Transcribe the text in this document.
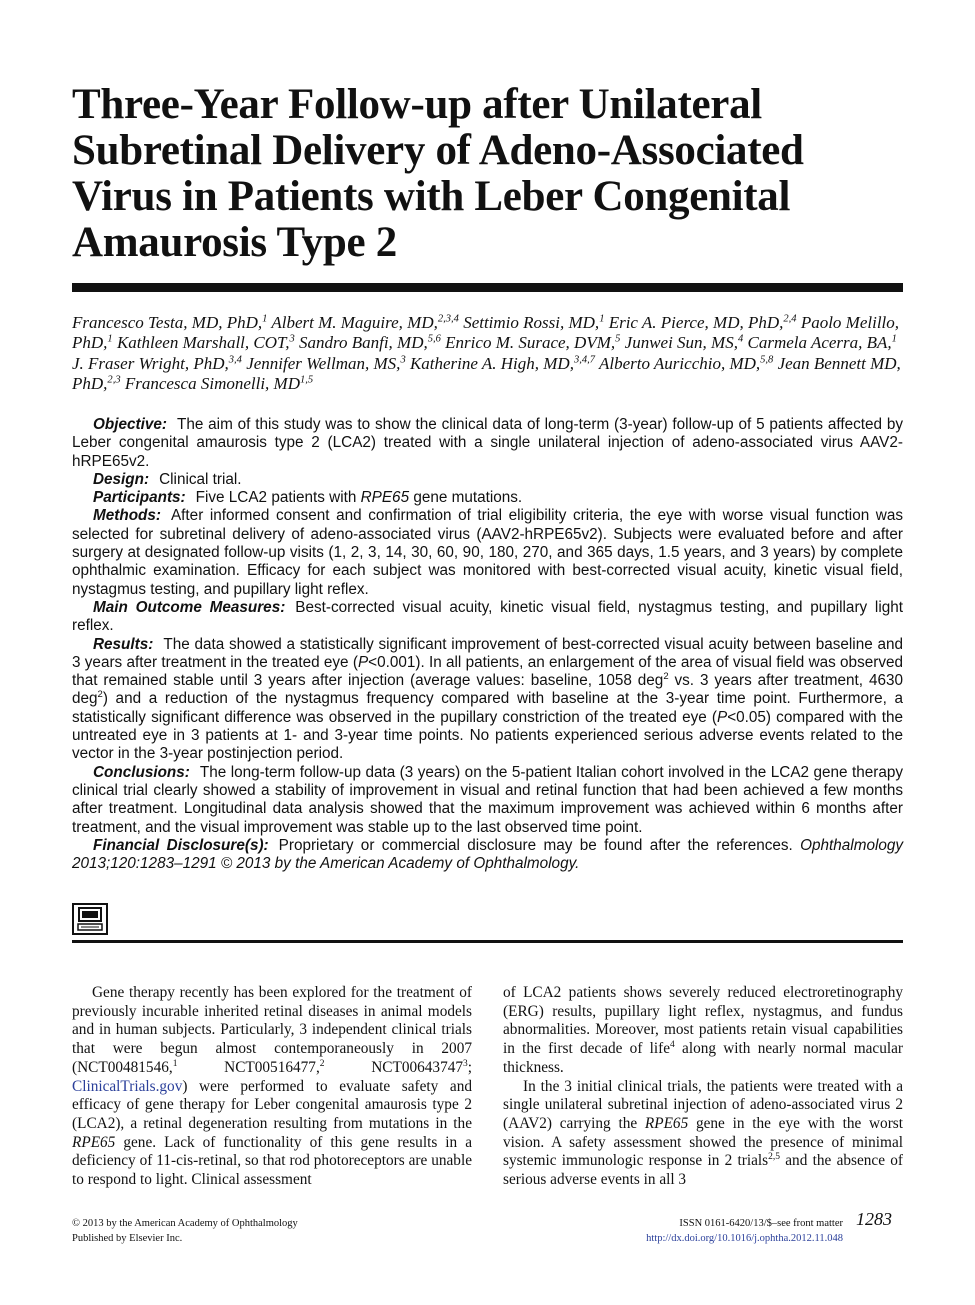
Three-Year Follow-up after Unilateral Subretinal Delivery of Adeno-Associated Virus in Patients with Leber Congenital Amaurosis Type 2
Francesco Testa, MD, PhD,$^1$ Albert M. Maguire, MD,$^{2,3,4}$ Settimio Rossi, MD,$^1$ Eric A. Pierce, MD, PhD,$^{2,4}$ Paolo Melillo, PhD,$^1$ Kathleen Marshall, COT,$^3$ Sandro Banfi, MD,$^{5,6}$ Enrico M. Surace, DVM,$^5$ Junwei Sun, MS,$^4$ Carmela Acerra, BA,$^1$ J. Fraser Wright, PhD,$^{3,4}$ Jennifer Wellman, MS,$^3$ Katherine A. High, MD,$^{3,4,7}$ Alberto Auricchio, MD,$^{5,8}$ Jean Bennett MD, PhD,$^{2,3}$ Francesca Simonelli, MD$^{1,5}$

Objective: The aim of this study was to show the clinical data of long-term (3-year) follow-up of 5 patients affected by Leber congenital amaurosis type 2 (LCA2) treated with a single unilateral injection of adeno-associated virus AAV2-hRPE65v2.

Design: Clinical trial.

Participants: Five LCA2 patients with RPE65 gene mutations.

Methods: After informed consent and confirmation of trial eligibility criteria, the eye with worse visual function was selected for subretinal delivery of adeno-associated virus (AAV2-hRPE65v2). Subjects were evaluated before and after surgery at designated follow-up visits (1, 2, 3, 14, 30, 60, 90, 180, 270, and 365 days, 1.5 years, and 3 years) by complete ophthalmic examination. Efficacy for each subject was monitored with best-corrected visual acuity, kinetic visual field, nystagmus testing, and pupillary light reflex.

Main Outcome Measures: Best-corrected visual acuity, kinetic visual field, nystagmus testing, and pupillary light reflex.

Results: The data showed a statistically significant improvement of best-corrected visual acuity between baseline and 3 years after treatment in the treated eye (P<0.001). In all patients, an enlargement of the area of visual field was observed that remained stable until 3 years after injection (average values: baseline, 1058 deg$^2$ vs. 3 years after treatment, 4630 deg$^2$) and a reduction of the nystagmus frequency compared with baseline at the 3-year time point. Furthermore, a statistically significant difference was observed in the pupillary constriction of the treated eye (P<0.05) compared with the untreated eye in 3 patients at 1- and 3-year time points. No patients experienced serious adverse events related to the vector in the 3-year postinjection period.

Conclusions: The long-term follow-up data (3 years) on the 5-patient Italian cohort involved in the LCA2 gene therapy clinical trial clearly showed a stability of improvement in visual and retinal function that had been achieved a few months after treatment. Longitudinal data analysis showed that the maximum improvement was achieved within 6 months after treatment, and the visual improvement was stable up to the last observed time point.

Financial Disclosure(s): Proprietary or commercial disclosure may be found after the references. Ophthalmology 2013;120:1283–1291 © 2013 by the American Academy of Ophthalmology.

Gene therapy recently has been explored for the treatment of previously incurable inherited retinal diseases in animal models and in human subjects. Particularly, 3 independent clinical trials that were begun almost contemporaneously in 2007 (NCT00481546,$^1$ NCT00516477,$^2$ NCT00643747$^3$; ClinicalTrials.gov) were performed to evaluate safety and efficacy of gene therapy for Leber congenital amaurosis type 2 (LCA2), a retinal degeneration resulting from mutations in the RPE65 gene. Lack of functionality of this gene results in a deficiency of 11-cis-retinal, so that rod photoreceptors are unable to respond to light. Clinical assessment

of LCA2 patients shows severely reduced electroretinography (ERG) results, pupillary light reflex, nystagmus, and fundus abnormalities. Moreover, most patients retain visual capabilities in the first decade of life$^4$ along with nearly normal macular thickness.

In the 3 initial clinical trials, the patients were treated with a single unilateral subretinal injection of adeno-associated virus 2 (AAV2) carrying the RPE65 gene in the eye with the worst vision. A safety assessment showed the presence of minimal systemic immunologic response in 2 trials$^{2,5}$ and the absence of serious adverse events in all 3

© 2013 by the American Academy of Ophthalmology
Published by Elsevier Inc.
ISSN 0161-6420/13/$–see front matter
http://dx.doi.org/10.1016/j.ophtha.2012.11.048
1283
